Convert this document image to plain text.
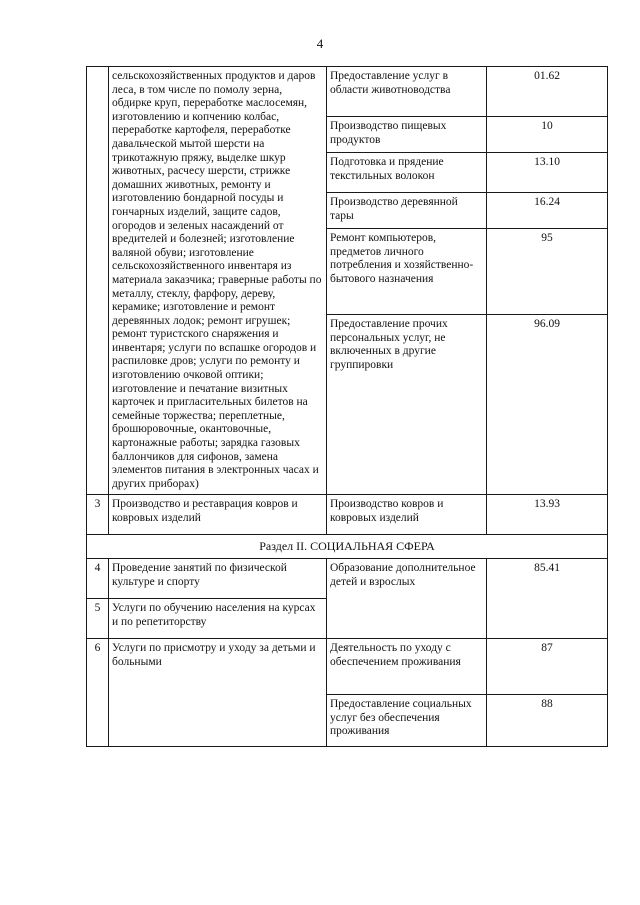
4
	сельскохозяйственных продуктов и даров леса, в том числе по помолу зерна, обдирке круп, переработке маслосемян, изготовлению и копчению колбас, переработке картофеля, переработке давальческой мытой шерсти на трикотажную пряжу, выделке шкур животных, расчесу шерсти, стрижке домашних животных, ремонту и изготовлению бондарной посуды и гончарных изделий, защите садов, огородов и зеленых насаждений от вредителей и болезней; изготовление валяной обуви; изготовление сельскохозяйственного инвентаря из материала заказчика; граверные работы по металлу, стеклу, фарфору, дереву, керамике; изготовление и ремонт деревянных лодок; ремонт игрушек; ремонт туристского снаряжения и инвентаря; услуги по вспашке огородов и распиловке дров; услуги по ремонту и изготовлению очковой оптики; изготовление и печатание визитных карточек и пригласительных билетов на семейные торжества; переплетные, брошюровочные, окантовочные, картонажные работы; зарядка газовых баллончиков для сифонов, замена элементов питания в электронных часах и других приборах)	Предоставление услуг в области животноводства	01.62
		Производство пищевых продуктов	10
		Подготовка и прядение текстильных волокон	13.10
		Производство деревянной тары	16.24
		Ремонт компьютеров, предметов личного потребления и хозяйственно-бытового назначения	95
		Предоставление прочих персональных услуг, не включенных в другие группировки	96.09
3	Производство и реставрация ковров и ковровых изделий	Производство ковров и ковровых изделий	13.93
Раздел II. СОЦИАЛЬНАЯ СФЕРА			
4	Проведение занятий по физической культуре и спорту	Образование дополнительное детей и взрослых	85.41
5	Услуги по обучению населения на курсах и по репетиторству		
6	Услуги по присмотру и уходу за детьми и больными	Деятельность по уходу с обеспечением проживания	87
		Предоставление социальных услуг без обеспечения проживания	88
